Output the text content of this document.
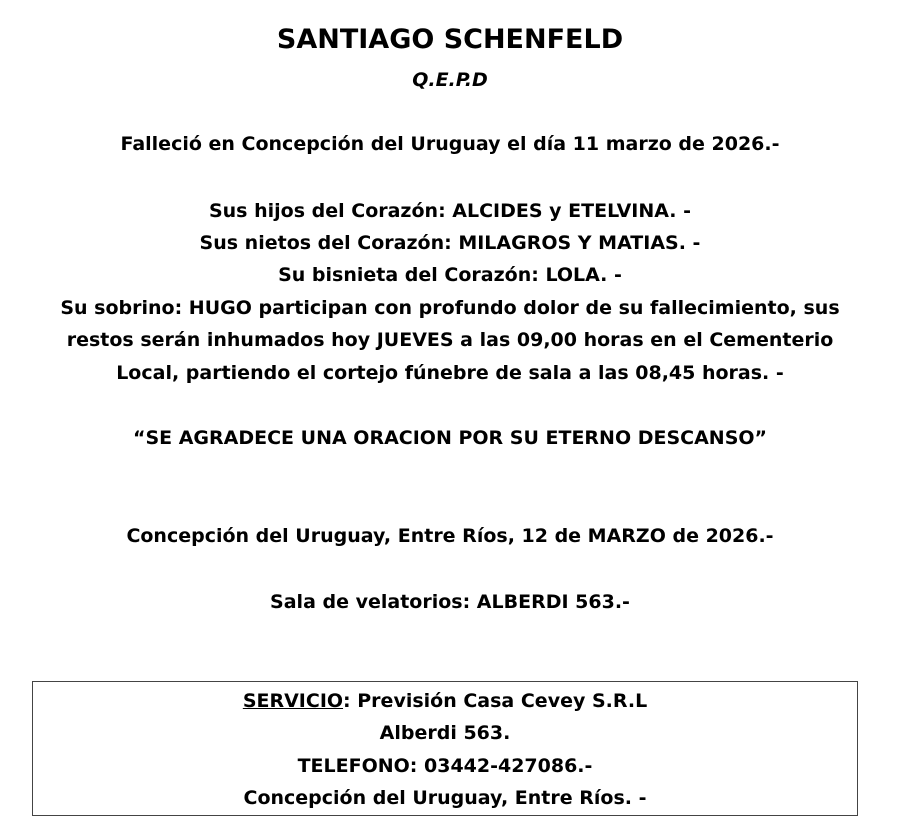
SANTIAGO SCHENFELD
Q.E.P.D
Falleció en Concepción del Uruguay el día 11 marzo de 2026.-
Sus hijos del Corazón: ALCIDES y ETELVINA. -
Sus nietos del Corazón: MILAGROS Y MATIAS. -
Su bisnieta del Corazón: LOLA. -
Su sobrino: HUGO participan con profundo dolor de su fallecimiento, sus
restos serán inhumados hoy JUEVES a las 09,00 horas en el Cementerio
Local, partiendo el cortejo fúnebre de sala a las 08,45 horas. -
“SE AGRADECE UNA ORACION POR SU ETERNO DESCANSO”
Concepción del Uruguay, Entre Ríos, 12 de MARZO de 2026.-
Sala de velatorios: ALBERDI 563.-
SERVICIO: Previsión Casa Cevey S.R.L
Alberdi 563.
TELEFONO: 03442-427086.-
Concepción del Uruguay, Entre Ríos. -
